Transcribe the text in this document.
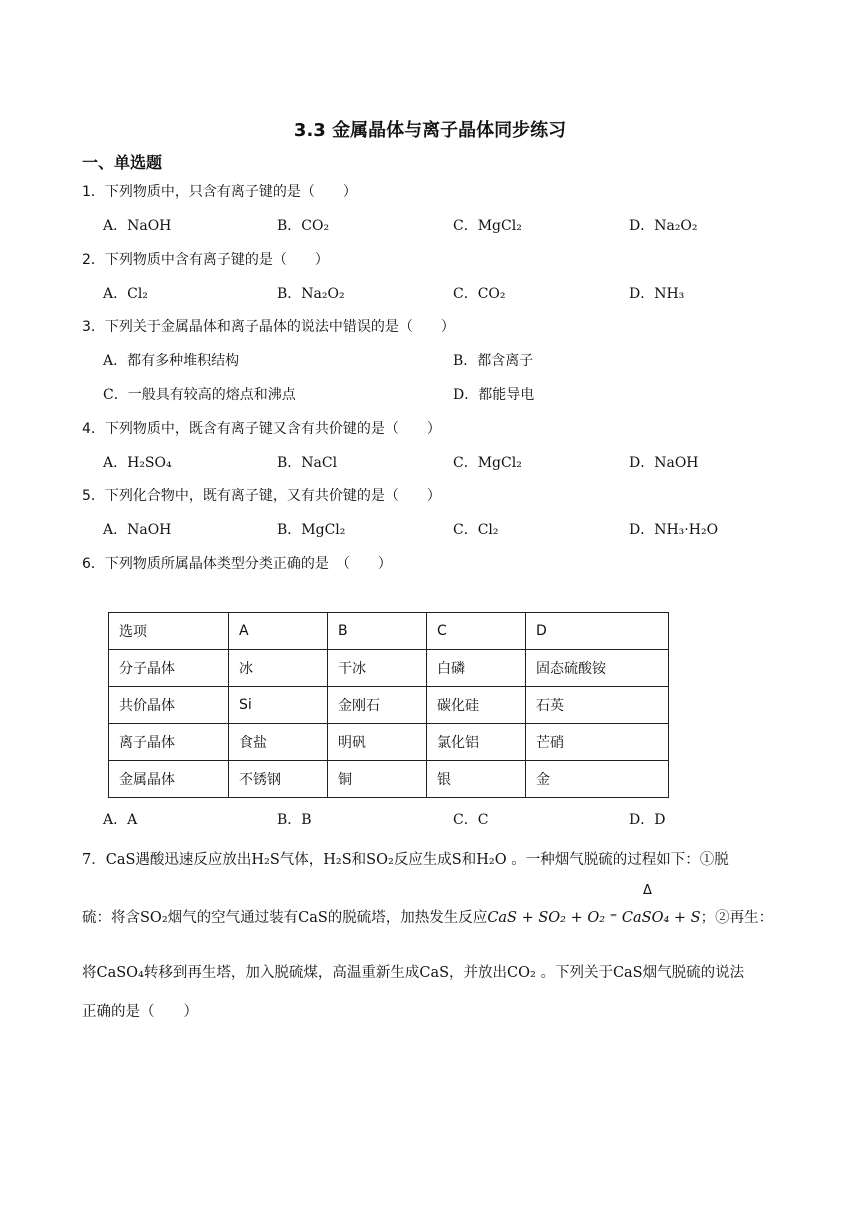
3.3 金属晶体与离子晶体同步练习
一、单选题
1．下列物质中，只含有离子键的是（　　）
A．NaOH	B．CO₂	C．MgCl₂	D．Na₂O₂
2．下列物质中含有离子键的是（　　）
A．Cl₂	B．Na₂O₂	C．CO₂	D．NH₃
3．下列关于金属晶体和离子晶体的说法中错误的是（　　）
A．都有多种堆积结构	B．都含离子
C．一般具有较高的熔点和沸点	D．都能导电
4．下列物质中，既含有离子键又含有共价键的是（　　）
A．H₂SO₄	B．NaCl	C．MgCl₂	D．NaOH
5．下列化合物中，既有离子键，又有共价键的是（　　）
A．NaOH	B．MgCl₂	C．Cl₂	D．NH₃·H₂O
6．下列物质所属晶体类型分类正确的是　（　　）
选项	A	B	C	D
分子晶体	冰	干冰	白磷	固态硫酸铵
共价晶体	Si	金刚石	碳化硅	石英
离子晶体	食盐	明矾	氯化铝	芒硝
金属晶体	不锈钢	铜	银	金
A．A	B．B	C．C	D．D
7．CaS遇酸迅速反应放出H₂S气体，H₂S和SO₂反应生成S和H₂O 。一种烟气脱硫的过程如下：①脱
硫：将含SO₂烟气的空气通过装有CaS的脱硫塔，加热发生反应CaS + SO₂ + O₂ ⁼ CaSO₄ + S；②再生：
Δ
将CaSO₄转移到再生塔，加入脱硫煤，高温重新生成CaS，并放出CO₂ 。下列关于CaS烟气脱硫的说法
正确的是（　　）
